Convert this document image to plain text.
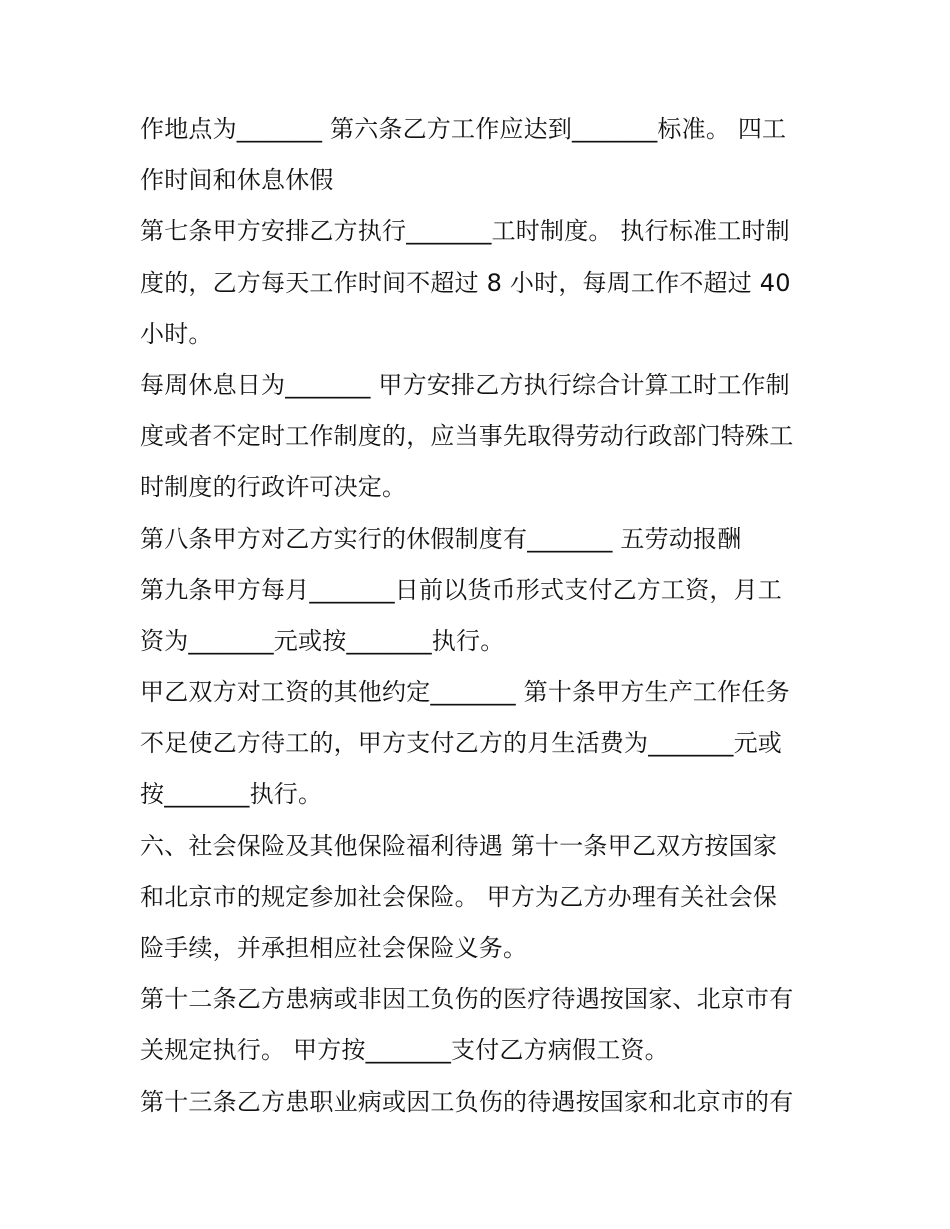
作地点为_______ 第六条乙方工作应达到_______标准。 四工
作时间和休息休假
第七条甲方安排乙方执行_______工时制度。 执行标准工时制
度的，乙方每天工作时间不超过 8 小时，每周工作不超过 40
小时。
每周休息日为_______ 甲方安排乙方执行综合计算工时工作制
度或者不定时工作制度的，应当事先取得劳动行政部门特殊工
时制度的行政许可决定。
第八条甲方对乙方实行的休假制度有_______ 五劳动报酬
第九条甲方每月_______日前以货币形式支付乙方工资，月工
资为_______元或按_______执行。
甲乙双方对工资的其他约定_______ 第十条甲方生产工作任务
不足使乙方待工的，甲方支付乙方的月生活费为_______元或
按_______执行。
六、社会保险及其他保险福利待遇 第十一条甲乙双方按国家
和北京市的规定参加社会保险。 甲方为乙方办理有关社会保
险手续，并承担相应社会保险义务。
第十二条乙方患病或非因工负伤的医疗待遇按国家、北京市有
关规定执行。 甲方按_______支付乙方病假工资。
第十三条乙方患职业病或因工负伤的待遇按国家和北京市的有
